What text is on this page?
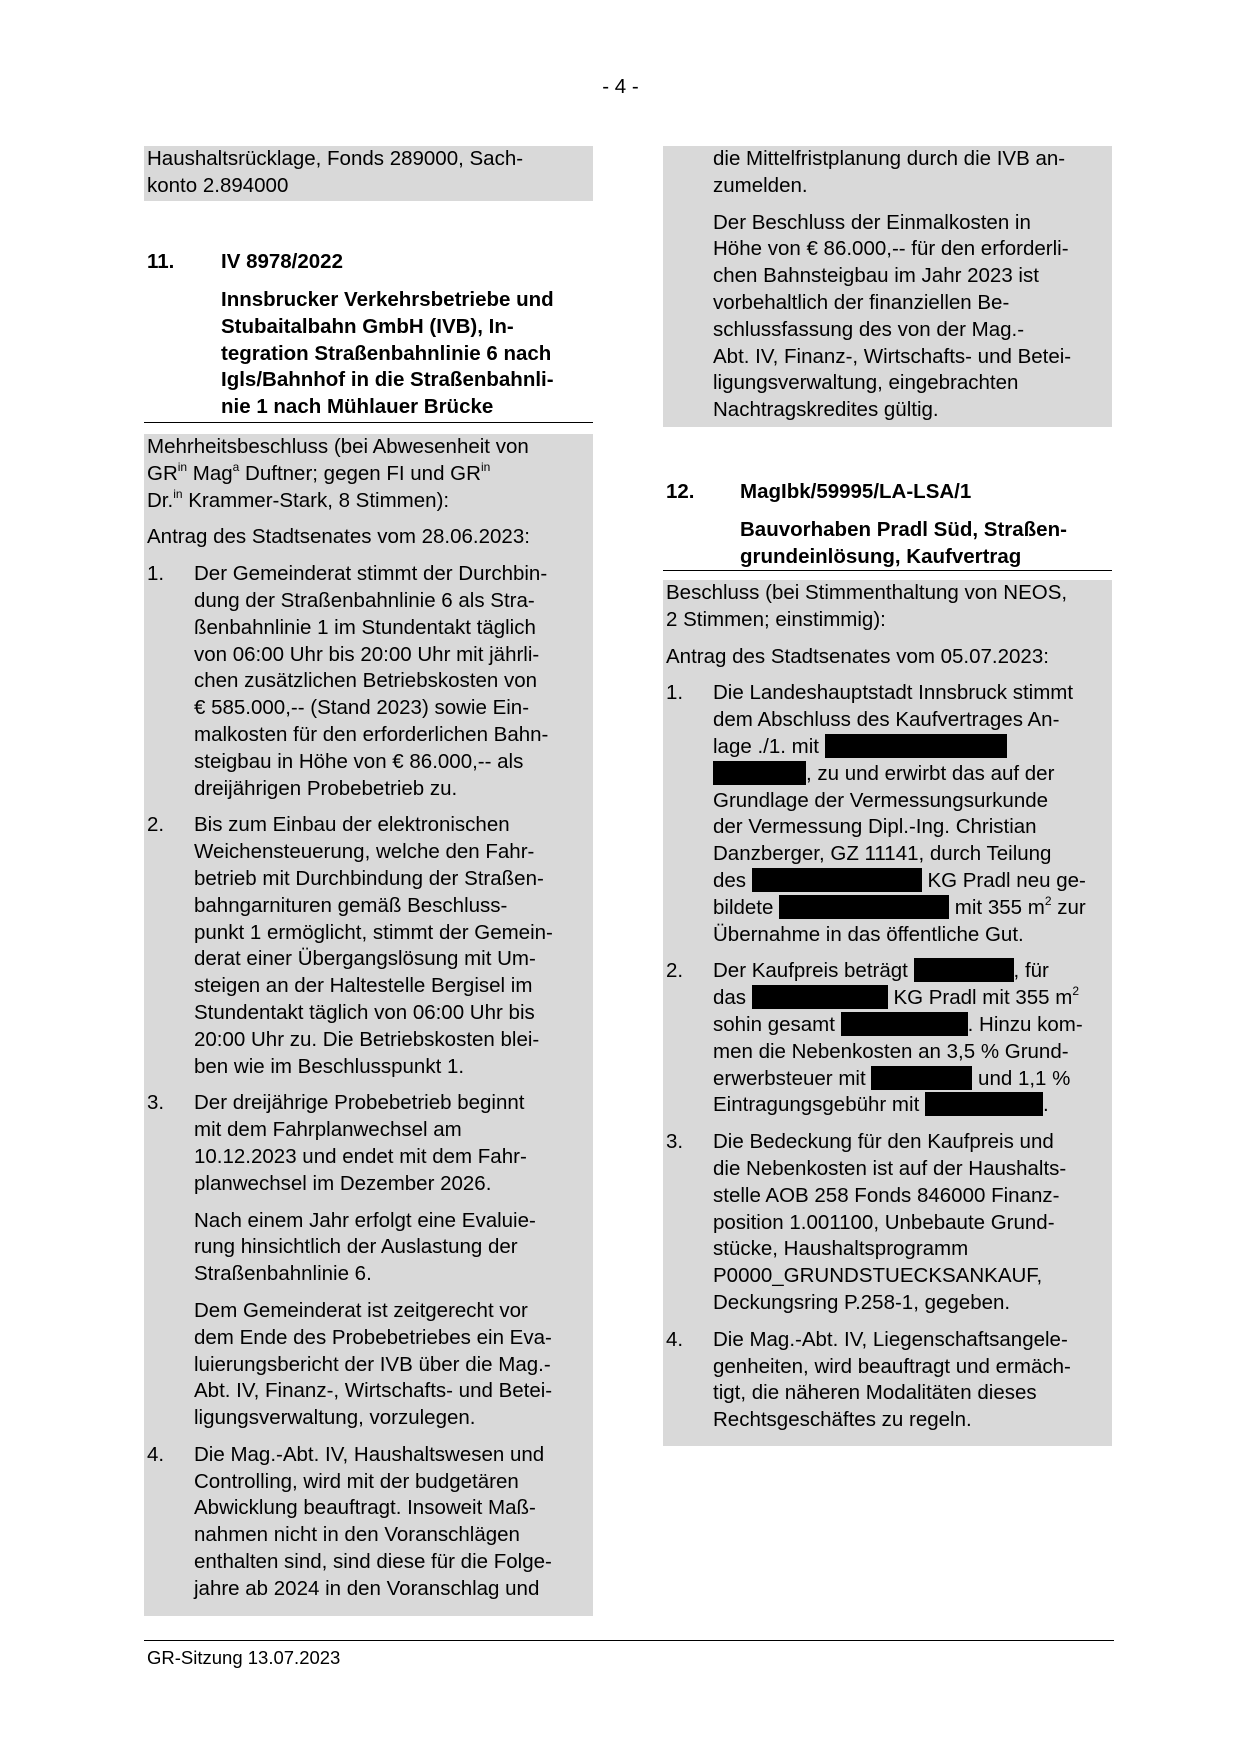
- 4 -
Haushaltsrücklage, Fonds 289000, Sach-
konto 2.894000
11. IV 8978/2022
Innsbrucker Verkehrsbetriebe und
Stubaitalbahn GmbH (IVB), In-
tegration Straßenbahnlinie 6 nach
Igls/Bahnhof in die Straßenbahnli-
nie 1 nach Mühlauer Brücke

Mehrheitsbeschluss (bei Abwesenheit von
$GR^{in}$ Mag$^a$ Duftner; gegen FI und $GR^{in}$
Dr.$^{in}$ Krammer-Stark, 8 Stimmen):

Antrag des Stadtsenates vom 28.06.2023:

1. Der Gemeinderat stimmt der Durchbin-
dung der Straßenbahnlinie 6 als Stra-
ßenbahnlinie 1 im Stundentakt täglich
von 06:00 Uhr bis 20:00 Uhr mit jährli-
chen zusätzlichen Betriebskosten von
€ 585.000,-- (Stand 2023) sowie Ein-
malkosten für den erforderlichen Bahn-
steigbau in Höhe von € 86.000,-- als
dreijährigen Probebetrieb zu.
2. Bis zum Einbau der elektronischen
Weichensteuerung, welche den Fahr-
betrieb mit Durchbindung der Straßen-
bahngarnituren gemäß Beschluss-
punkt 1 ermöglicht, stimmt der Gemein-
derat einer Übergangslösung mit Um-
steigen an der Haltestelle Bergisel im
Stundentakt täglich von 06:00 Uhr bis
20:00 Uhr zu. Die Betriebskosten blei-
ben wie im Beschlusspunkt 1.
3. Der dreijährige Probebetrieb beginnt
mit dem Fahrplanwechsel am
10.12.2023 und endet mit dem Fahr-
planwechsel im Dezember 2026.
Nach einem Jahr erfolgt eine Evaluie-
rung hinsichtlich der Auslastung der
Straßenbahnlinie 6.
Dem Gemeinderat ist zeitgerecht vor
dem Ende des Probebetriebes ein Eva-
luierungsbericht der IVB über die Mag.-
Abt. IV, Finanz-, Wirtschafts- und Betei-
ligungsverwaltung, vorzulegen.
4. Die Mag.-Abt. IV, Haushaltswesen und
Controlling, wird mit der budgetären
Abwicklung beauftragt. Insoweit Maß-
nahmen nicht in den Voranschlägen
enthalten sind, sind diese für die Folge-
jahre ab 2024 in den Voranschlag und
die Mittelfristplanung durch die IVB an-
zumelden.
Der Beschluss der Einmalkosten in
Höhe von € 86.000,-- für den erforderli-
chen Bahnsteigbau im Jahr 2023 ist
vorbehaltlich der finanziellen Be-
schlussfassung des von der Mag.-
Abt. IV, Finanz-, Wirtschafts- und Betei-
ligungsverwaltung, eingebrachten
Nachtragskredites gültig.
12. MagIbk/59995/LA-LSA/1
Bauvorhaben Pradl Süd, Straßen-
grundeinlösung, Kaufvertrag

Beschluss (bei Stimmenthaltung von NEOS,
2 Stimmen; einstimmig):

Antrag des Stadtsenates vom 05.07.2023:

1. Die Landeshauptstadt Innsbruck stimmt
dem Abschluss des Kaufvertrages An-
lage ./1. mit
, zu und erwirbt das auf der
Grundlage der Vermessungsurkunde
der Vermessung Dipl.-Ing. Christian
Danzberger, GZ 11141, durch Teilung
des	KG Pradl neu ge-
bildete	mit 355 $m^2$ zur
Übernahme in das öffentliche Gut.
2. Der Kaufpreis beträgt	, für
das	KG Pradl mit 355 $m^2$
sohin gesamt	. Hinzu kom-
men die Nebenkosten an 3,5 % Grund-
erwerbsteuer mit	und 1,1 %
Eintragungsgebühr mit	.
3. Die Bedeckung für den Kaufpreis und
die Nebenkosten ist auf der Haushalts-
stelle AOB 258 Fonds 846000 Finanz-
position 1.001100, Unbebaute Grund-
stücke, Haushaltsprogramm
P0000_GRUNDSTUECKSANKAUF,
Deckungsring P.258-1, gegeben.
4. Die Mag.-Abt. IV, Liegenschaftsangele-
genheiten, wird beauftragt und ermäch-
tigt, die näheren Modalitäten dieses
Rechtsgeschäftes zu regeln.
GR-Sitzung 13.07.2023
